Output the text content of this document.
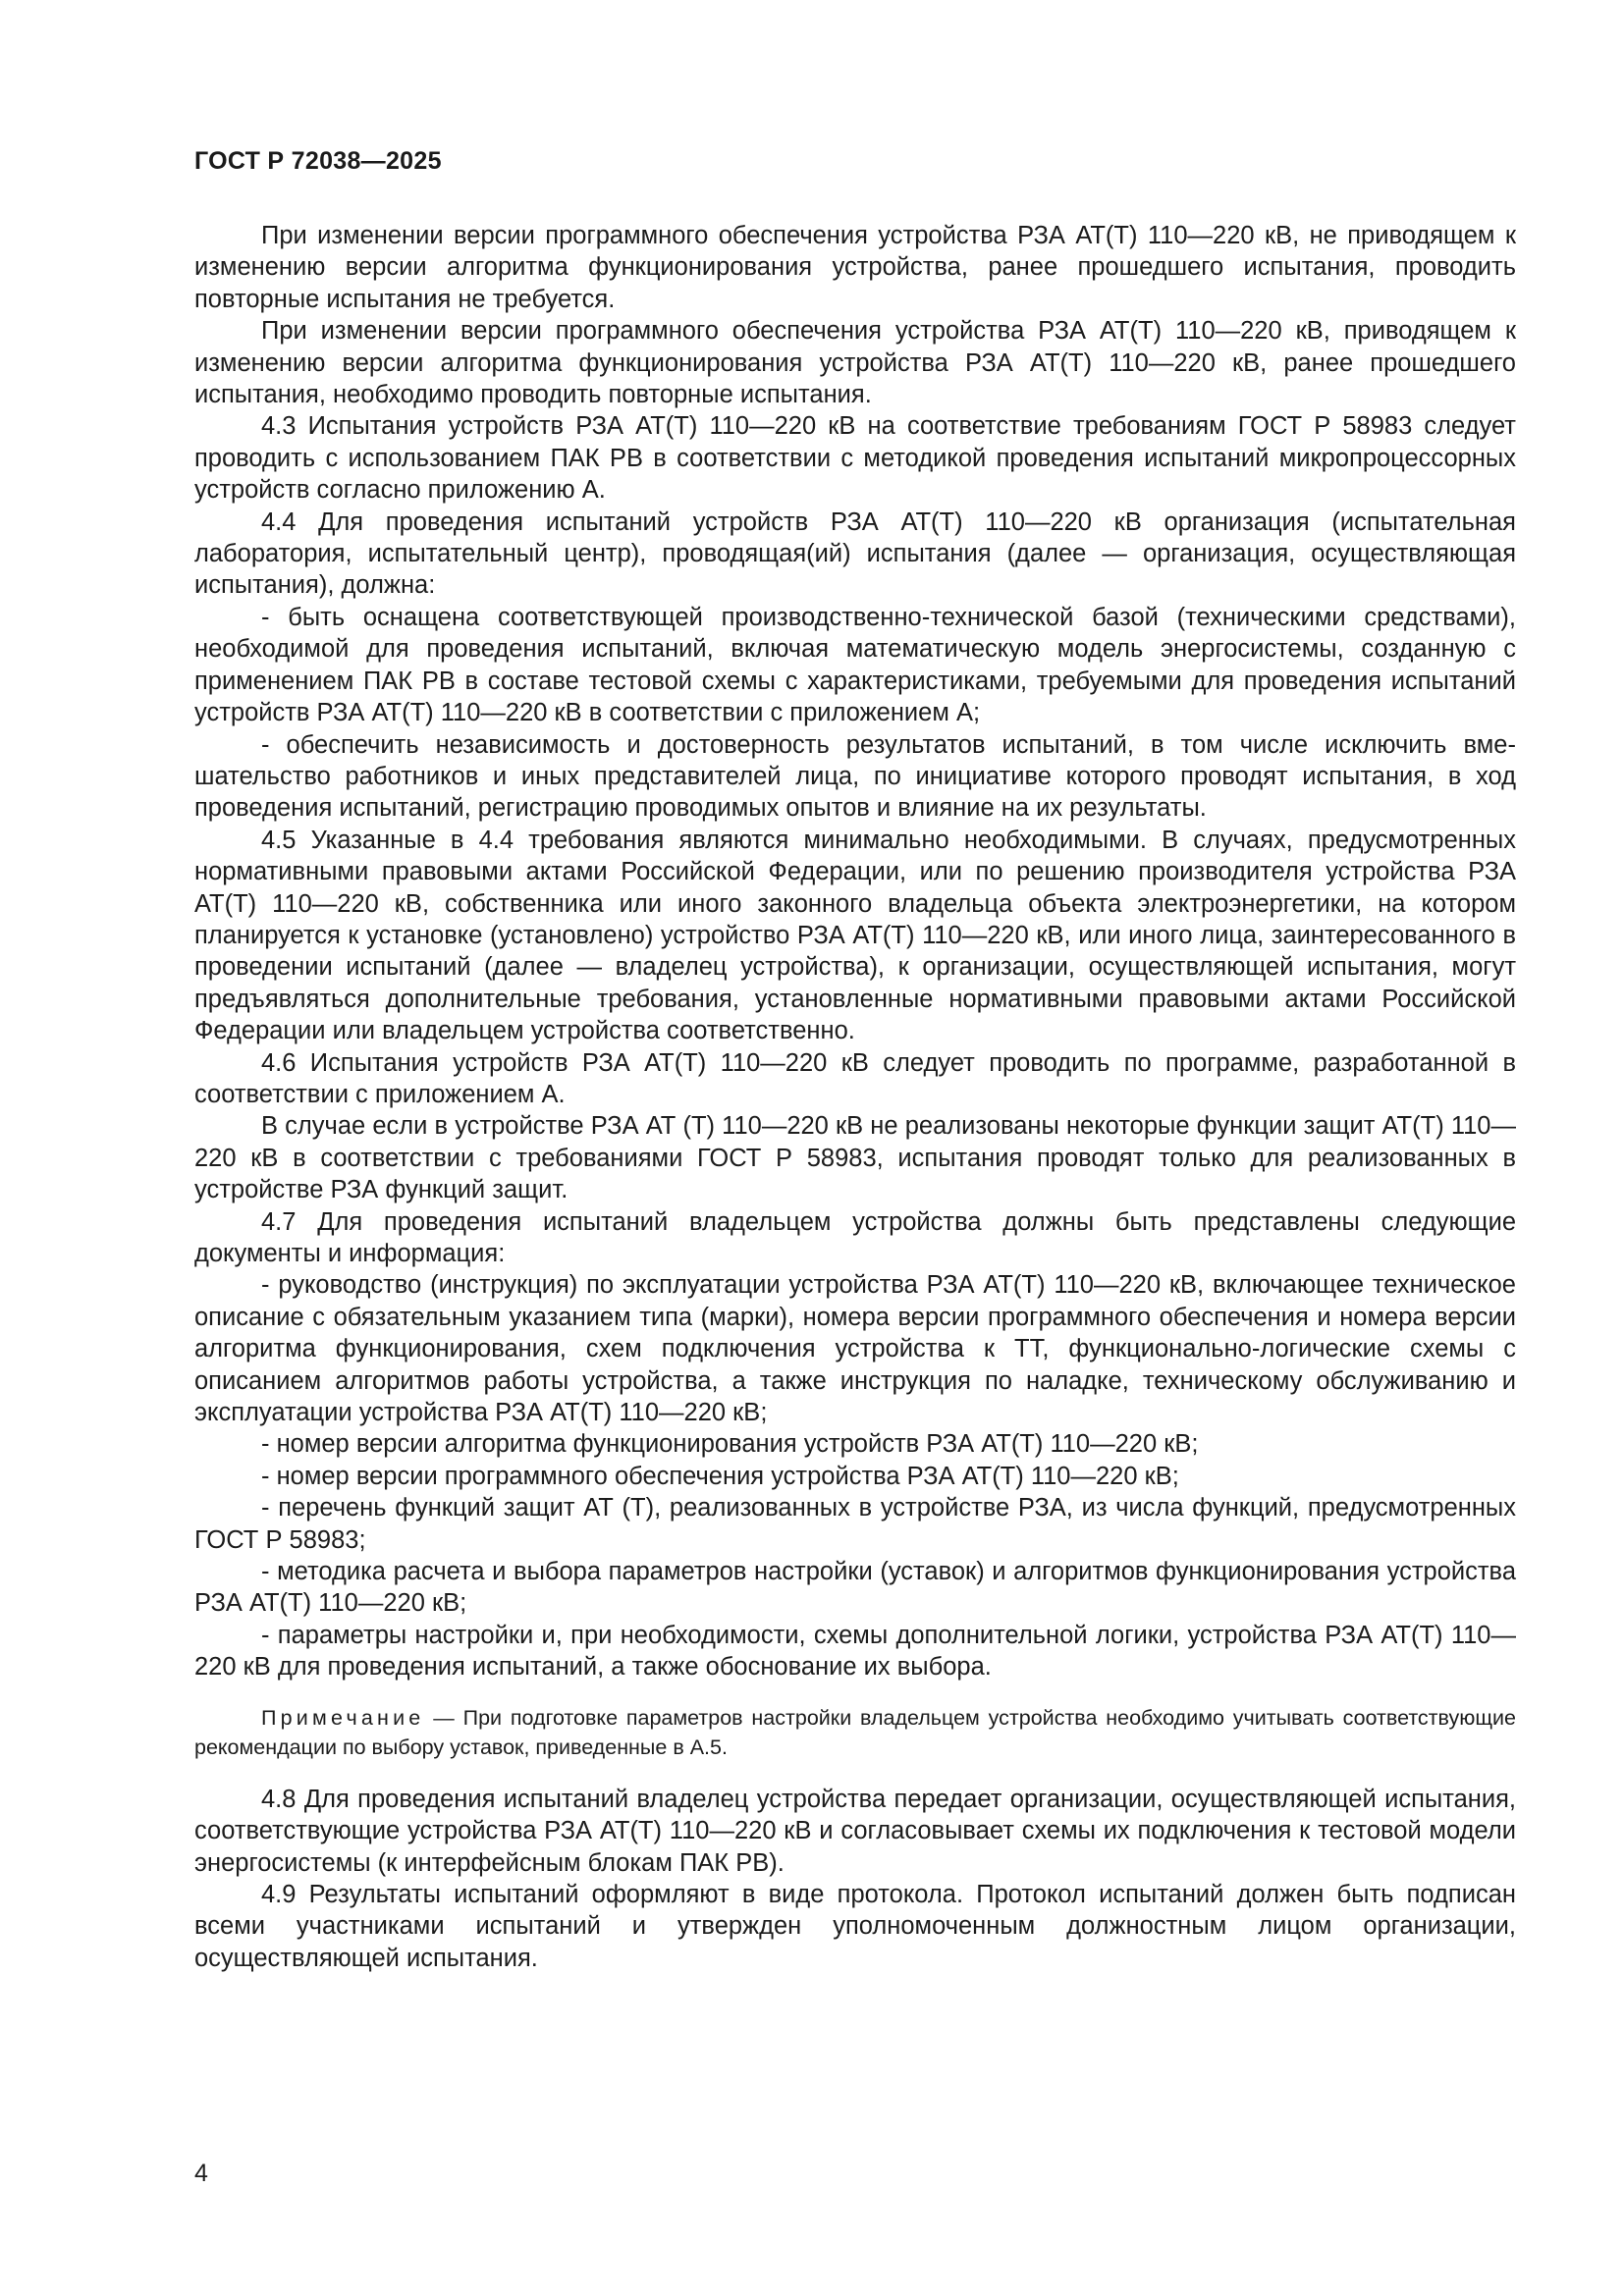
ГОСТ Р 72038—2025

При изменении версии программного обеспечения устройства РЗА АТ(Т) 110—220 кВ, не приводящем к изменению версии алгоритма функционирования устройства, ранее прошедшего испытания, проводить повторные испытания не требуется.

При изменении версии программного обеспечения устройства РЗА АТ(Т) 110—220 кВ, приводящем к изменению версии алгоритма функционирования устройства РЗА АТ(Т) 110—220 кВ, ранее прошедшего испытания, необходимо проводить повторные испытания.

4.3 Испытания устройств РЗА АТ(Т) 110—220 кВ на соответствие требованиям ГОСТ Р 58983 следует проводить с использованием ПАК РВ в соответствии с методикой проведения испытаний микропроцессорных устройств согласно приложению А.

4.4 Для проведения испытаний устройств РЗА АТ(Т) 110—220 кВ организация (испытательная лаборатория, испытательный центр), проводящая(ий) испытания (далее — организация, осуществляющая испытания), должна:

- быть оснащена соответствующей производственно-технической базой (техническими средствами), необходимой для проведения испытаний, включая математическую модель энергосистемы, созданную с применением ПАК РВ в составе тестовой схемы с характеристиками, требуемыми для проведения испытаний устройств РЗА АТ(Т) 110—220 кВ в соответствии с приложением А;

- обеспечить независимость и достоверность результатов испытаний, в том числе исключить вмешательство работников и иных представителей лица, по инициативе которого проводят испытания, в ход проведения испытаний, регистрацию проводимых опытов и влияние на их результаты.

4.5 Указанные в 4.4 требования являются минимально необходимыми. В случаях, предусмотренных нормативными правовыми актами Российской Федерации, или по решению производителя устройства РЗА АТ(Т) 110—220 кВ, собственника или иного законного владельца объекта электроэнергетики, на котором планируется к установке (установлено) устройство РЗА АТ(Т) 110—220 кВ, или иного лица, заинтересованного в проведении испытаний (далее — владелец устройства), к организации, осуществляющей испытания, могут предъявляться дополнительные требования, установленные нормативными правовыми актами Российской Федерации или владельцем устройства соответственно.

4.6 Испытания устройств РЗА АТ(Т) 110—220 кВ следует проводить по программе, разработанной в соответствии с приложением А.

В случае если в устройстве РЗА АТ (Т) 110—220 кВ не реализованы некоторые функции защит АТ(Т) 110—220 кВ в соответствии с требованиями ГОСТ Р 58983, испытания проводят только для реализованных в устройстве РЗА функций защит.

4.7 Для проведения испытаний владельцем устройства должны быть представлены следующие документы и информация:

- руководство (инструкция) по эксплуатации устройства РЗА АТ(Т) 110—220 кВ, включающее техническое описание с обязательным указанием типа (марки), номера версии программного обеспечения и номера версии алгоритма функционирования, схем подключения устройства к ТТ, функционально-логические схемы с описанием алгоритмов работы устройства, а также инструкция по наладке, техническому обслуживанию и эксплуатации устройства РЗА АТ(Т) 110—220 кВ;

- номер версии алгоритма функционирования устройств РЗА АТ(Т) 110—220 кВ;

- номер версии программного обеспечения устройства РЗА АТ(Т) 110—220 кВ;

- перечень функций защит АТ (Т), реализованных в устройстве РЗА, из числа функций, предусмотренных ГОСТ Р 58983;

- методика расчета и выбора параметров настройки (уставок) и алгоритмов функционирования устройства РЗА АТ(Т) 110—220 кВ;

- параметры настройки и, при необходимости, схемы дополнительной логики, устройства РЗА АТ(Т) 110—220 кВ для проведения испытаний, а также обоснование их выбора.

Примечание — При подготовке параметров настройки владельцем устройства необходимо учитывать соответствующие рекомендации по выбору уставок, приведенные в А.5.

4.8 Для проведения испытаний владелец устройства передает организации, осуществляющей испытания, соответствующие устройства РЗА АТ(Т) 110—220 кВ и согласовывает схемы их подключения к тестовой модели энергосистемы (к интерфейсным блокам ПАК РВ).

4.9 Результаты испытаний оформляют в виде протокола. Протокол испытаний должен быть подписан всеми участниками испытаний и утвержден уполномоченным должностным лицом организации, осуществляющей испытания.

4
